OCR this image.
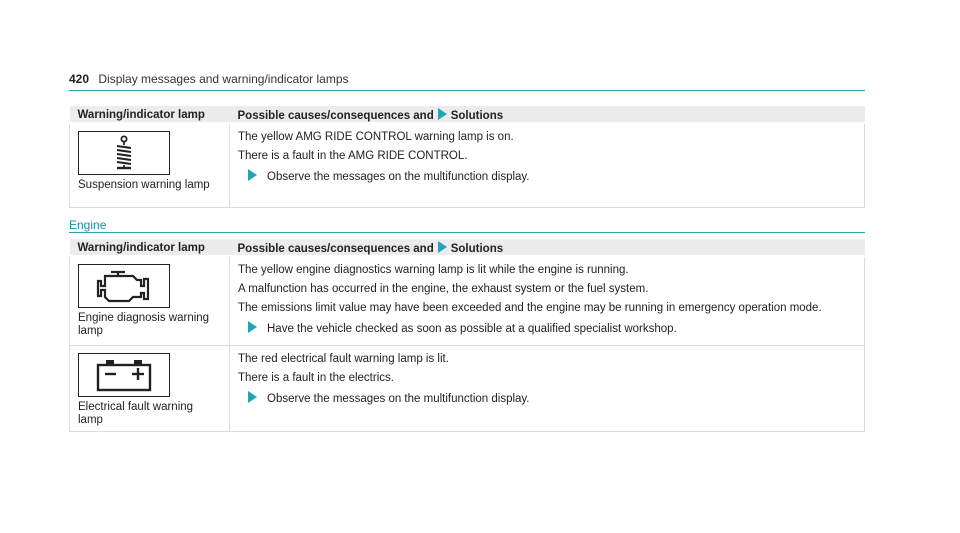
420 Display messages and warning/indicator lamps
Warning/indicator lamp	Possible causes/consequences and Solutions

Suspension warning lamp	The yellow AMG RIDE CONTROL warning lamp is on.
There is a fault in the AMG RIDE CONTROL.
Observe the messages on the multifunction display.
Engine
Warning/indicator lamp	Possible causes/consequences and Solutions

Engine diagnosis warning lamp	The yellow engine diagnostics warning lamp is lit while the engine is running.
A malfunction has occurred in the engine, the exhaust system or the fuel system.
The emissions limit value may have been exceeded and the engine may be running in emergency operation mode.
Have the vehicle checked as soon as possible at a qualified specialist workshop.

Electrical fault warning lamp	The red electrical fault warning lamp is lit.
There is a fault in the electrics.
Observe the messages on the multifunction display.
